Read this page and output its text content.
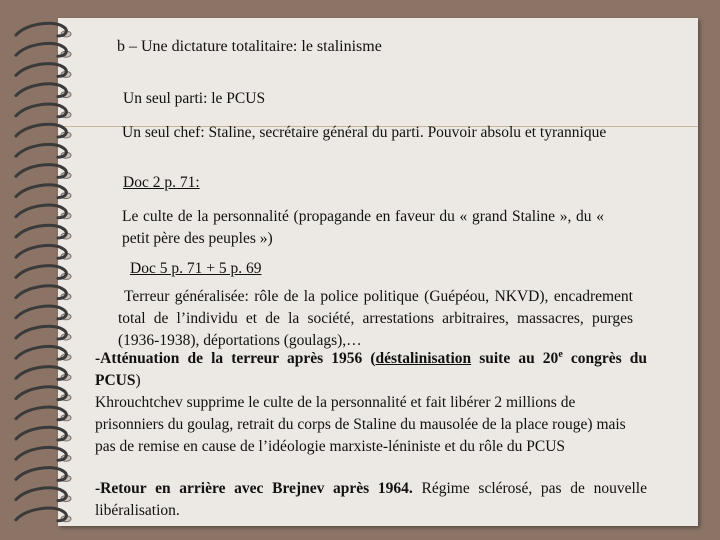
b – Une dictature totalitaire: le stalinisme

Un seul parti: le PCUS

Un seul chef: Staline, secrétaire général du parti. Pouvoir absolu et tyrannique

Doc 2 p. 71:

Le culte de la personnalité (propagande en faveur du « grand Staline », du « petit père des peuples »)

Doc 5 p. 71 + 5 p. 69

Terreur généralisée: rôle de la police politique (Guépéou, NKVD), encadrement total de l’individu et de la société, arrestations arbitraires, massacres, purges (1936-1938), déportations (goulags),…

-Atténuation de la terreur après 1956 (déstalinisation suite au 20e congrès du PCUS)

Khrouchtchev supprime le culte de la personnalité et fait libérer 2 millions de prisonniers du goulag, retrait du corps de Staline du mausolée de la place rouge) mais pas de remise en cause de l’idéologie marxiste-léniniste et du rôle du PCUS

-Retour en arrière avec Brejnev après 1964. Régime sclérosé, pas de nouvelle libéralisation.
